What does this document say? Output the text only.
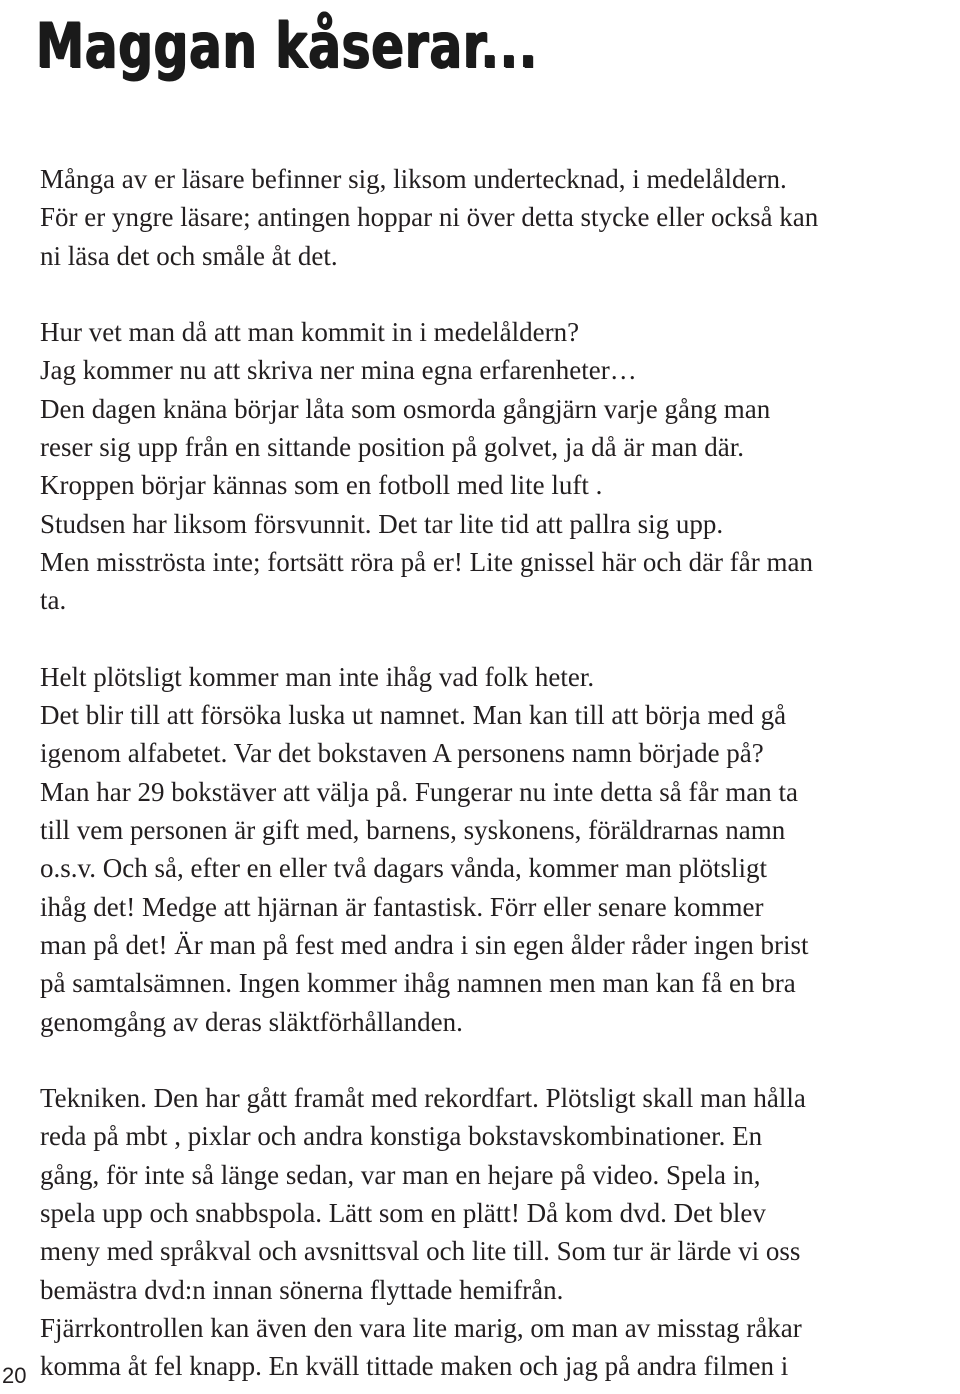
Maggan kåserar...

Många av er läsare befinner sig, liksom undertecknad, i medelåldern.
För er yngre läsare; antingen hoppar ni över detta stycke eller också kan
ni läsa det och småle åt det.

Hur vet man då att man kommit in i medelåldern?
Jag kommer nu att skriva ner mina egna erfarenheter…
Den dagen knäna börjar låta som osmorda gångjärn varje gång man
reser sig upp från en sittande position på golvet, ja då är man där.
Kroppen börjar kännas som en fotboll med lite luft .
Studsen har liksom försvunnit. Det tar lite tid att pallra sig upp.
Men misströsta inte; fortsätt röra på er! Lite gnissel här och där får man
ta.

Helt plötsligt kommer man inte ihåg vad folk heter.
Det blir till att försöka luska ut namnet. Man kan till att börja med gå
igenom alfabetet. Var det bokstaven A personens namn började på?
Man har 29 bokstäver att välja på. Fungerar nu inte detta så får man ta
till vem personen är gift med, barnens, syskonens, föräldrarnas namn
o.s.v. Och så, efter en eller två dagars vånda, kommer man plötsligt
ihåg det! Medge att hjärnan är fantastisk. Förr eller senare kommer
man på det! Är man på fest med andra i sin egen ålder råder ingen brist
på samtalsämnen. Ingen kommer ihåg namnen men man kan få en bra
genomgång av deras släktförhållanden.

Tekniken. Den har gått framåt med rekordfart. Plötsligt skall man hålla
reda på mbt , pixlar och andra konstiga bokstavskombinationer. En
gång, för inte så länge sedan, var man en hejare på video. Spela in,
spela upp och snabbspola. Lätt som en plätt! Då kom dvd. Det blev
meny med språkval och avsnittsval och lite till. Som tur är lärde vi oss
bemästra dvd:n innan sönerna flyttade hemifrån.
Fjärrkontrollen kan även den vara lite marig, om man av misstag råkar
komma åt fel knapp. En kväll tittade maken och jag på andra filmen i

20
